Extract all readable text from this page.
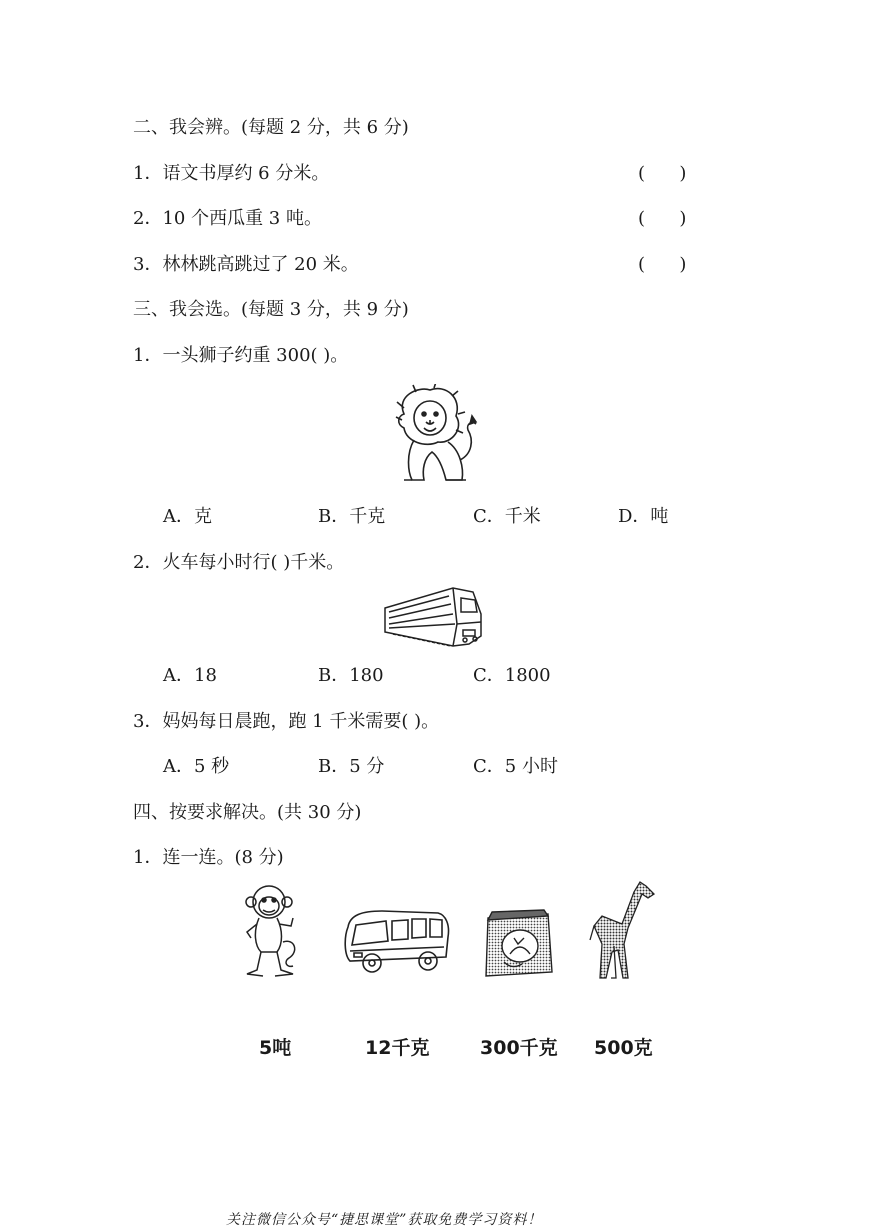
二、我会辨。(每题 2 分，共 6 分)
1．语文书厚约 6 分米。	(      )
2．10 个西瓜重 3 吨。	(      )
3．林林跳高跳过了 20 米。	(      )
三、我会选。(每题 3 分，共 9 分)
1．一头狮子约重 300( )。
A．克	B．千克	C．千米	D．吨
2．火车每小时行( )千米。
A．18	B．180	C．1800
3．妈妈每日晨跑，跑 1 千米需要( )。
A．5 秒	B．5 分	C．5 小时
四、按要求解决。(共 30 分)
1．连一连。(8 分)
5吨	12千克	300千克 500克
关注微信公众号“捷思课堂”获取免费学习资料！
